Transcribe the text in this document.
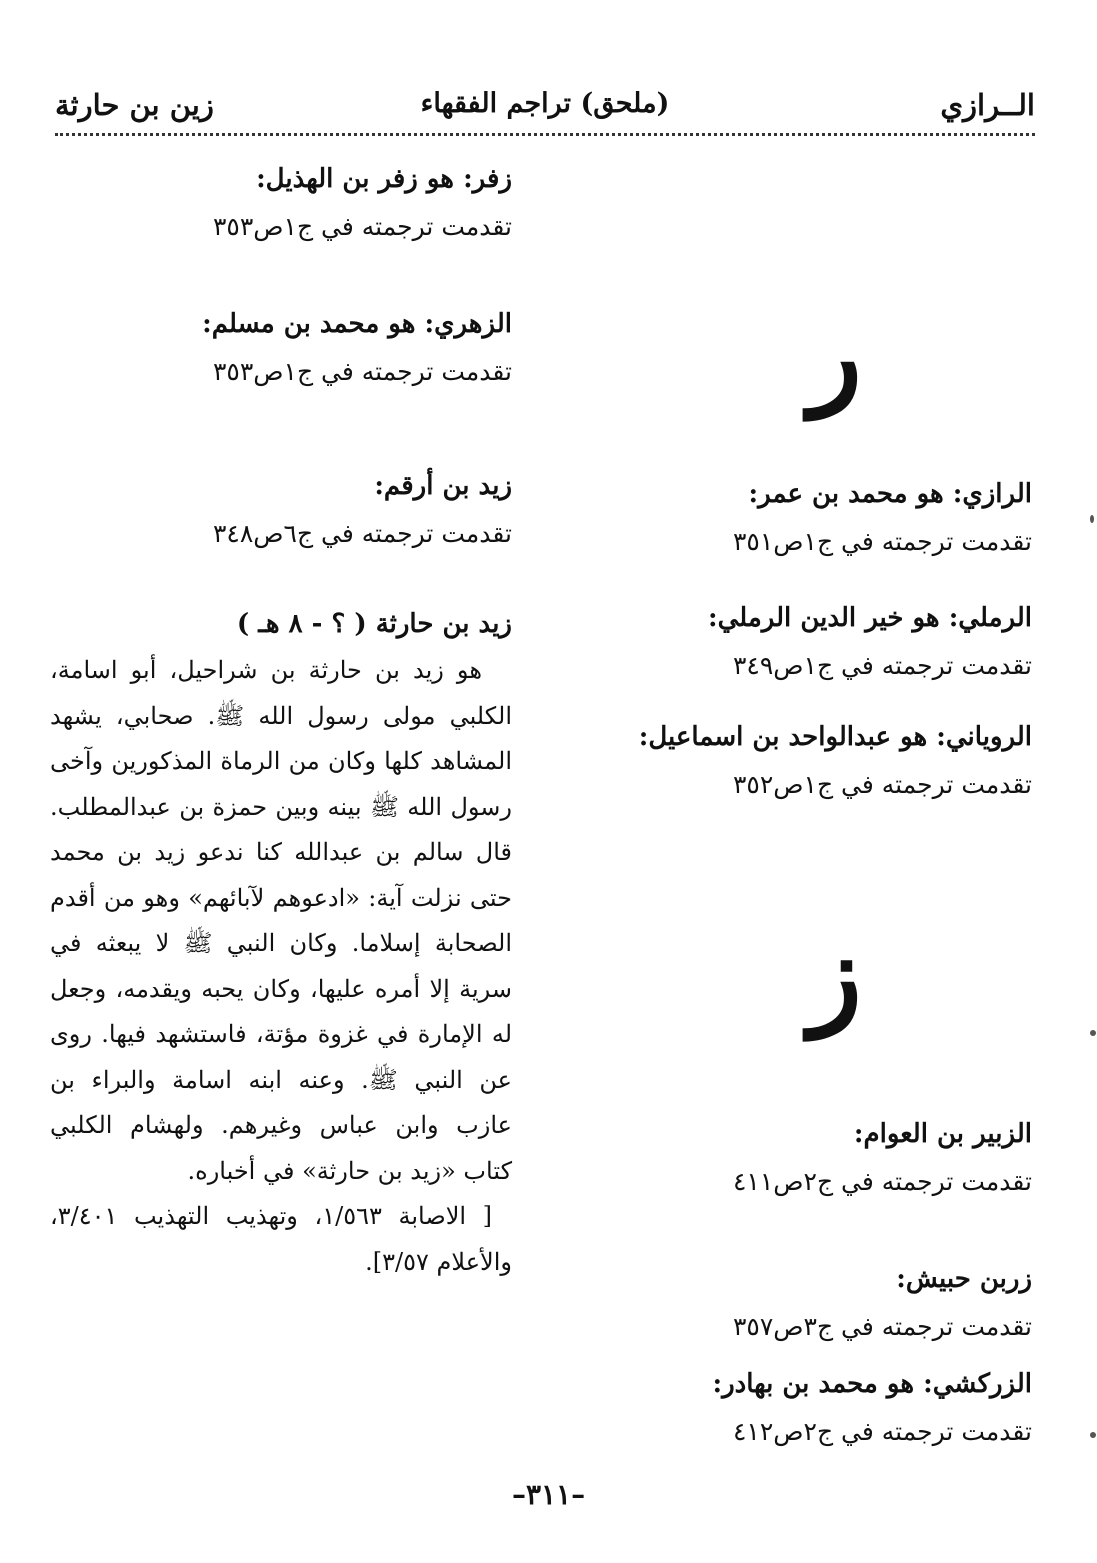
الــرازي
(ملحق) تراجم الفقهاء
زين بن حارثة
زفر: هو زفر بن الهذيل:
تقدمت ترجمته في ج١ص٣٥٣
الزهري: هو محمد بن مسلم:
تقدمت ترجمته في ج١ص٣٥٣
زيد بن أرقم:
تقدمت ترجمته في ج٦ص٣٤٨
زيد بن حارثة ( ؟ - ٨ هـ )

هو زيد بن حارثة بن شراحيل، أبو اسامة، الكلبي مولى رسول الله ﷺ. صحابي، يشهد المشاهد كلها وكان من الرماة المذكورين وآخى رسول الله ﷺ بينه وبين حمزة بن عبدالمطلب. قال سالم بن عبدالله كنا ندعو زيد بن محمد حتى نزلت آية: «ادعوهم لآبائهم» وهو من أقدم الصحابة إسلاما. وكان النبي ﷺ لا يبعثه في سرية إلا أمره عليها، وكان يحبه ويقدمه، وجعل له الإمارة في غزوة مؤتة، فاستشهد فيها. روى عن النبي ﷺ. وعنه ابنه اسامة والبراء بن عازب وابن عباس وغيرهم. ولهشام الكلبي كتاب «زيد بن حارثة» في أخباره.

[ الاصابة ١/٥٦٣، وتهذيب التهذيب ٣/٤٠١، والأعلام ٣/٥٧].

ر
الرازي: هو محمد بن عمر:
تقدمت ترجمته في ج١ص٣٥١
الرملي: هو خير الدين الرملي:
تقدمت ترجمته في ج١ص٣٤٩
الروياني: هو عبدالواحد بن اسماعيل:
تقدمت ترجمته في ج١ص٣٥٢
ز
الزبير بن العوام:
تقدمت ترجمته في ج٢ص٤١١
زربن حبيش:
تقدمت ترجمته في ج٣ص٣٥٧
الزركشي: هو محمد بن بهادر:
تقدمت ترجمته في ج٢ص٤١٢
–٣١١–
